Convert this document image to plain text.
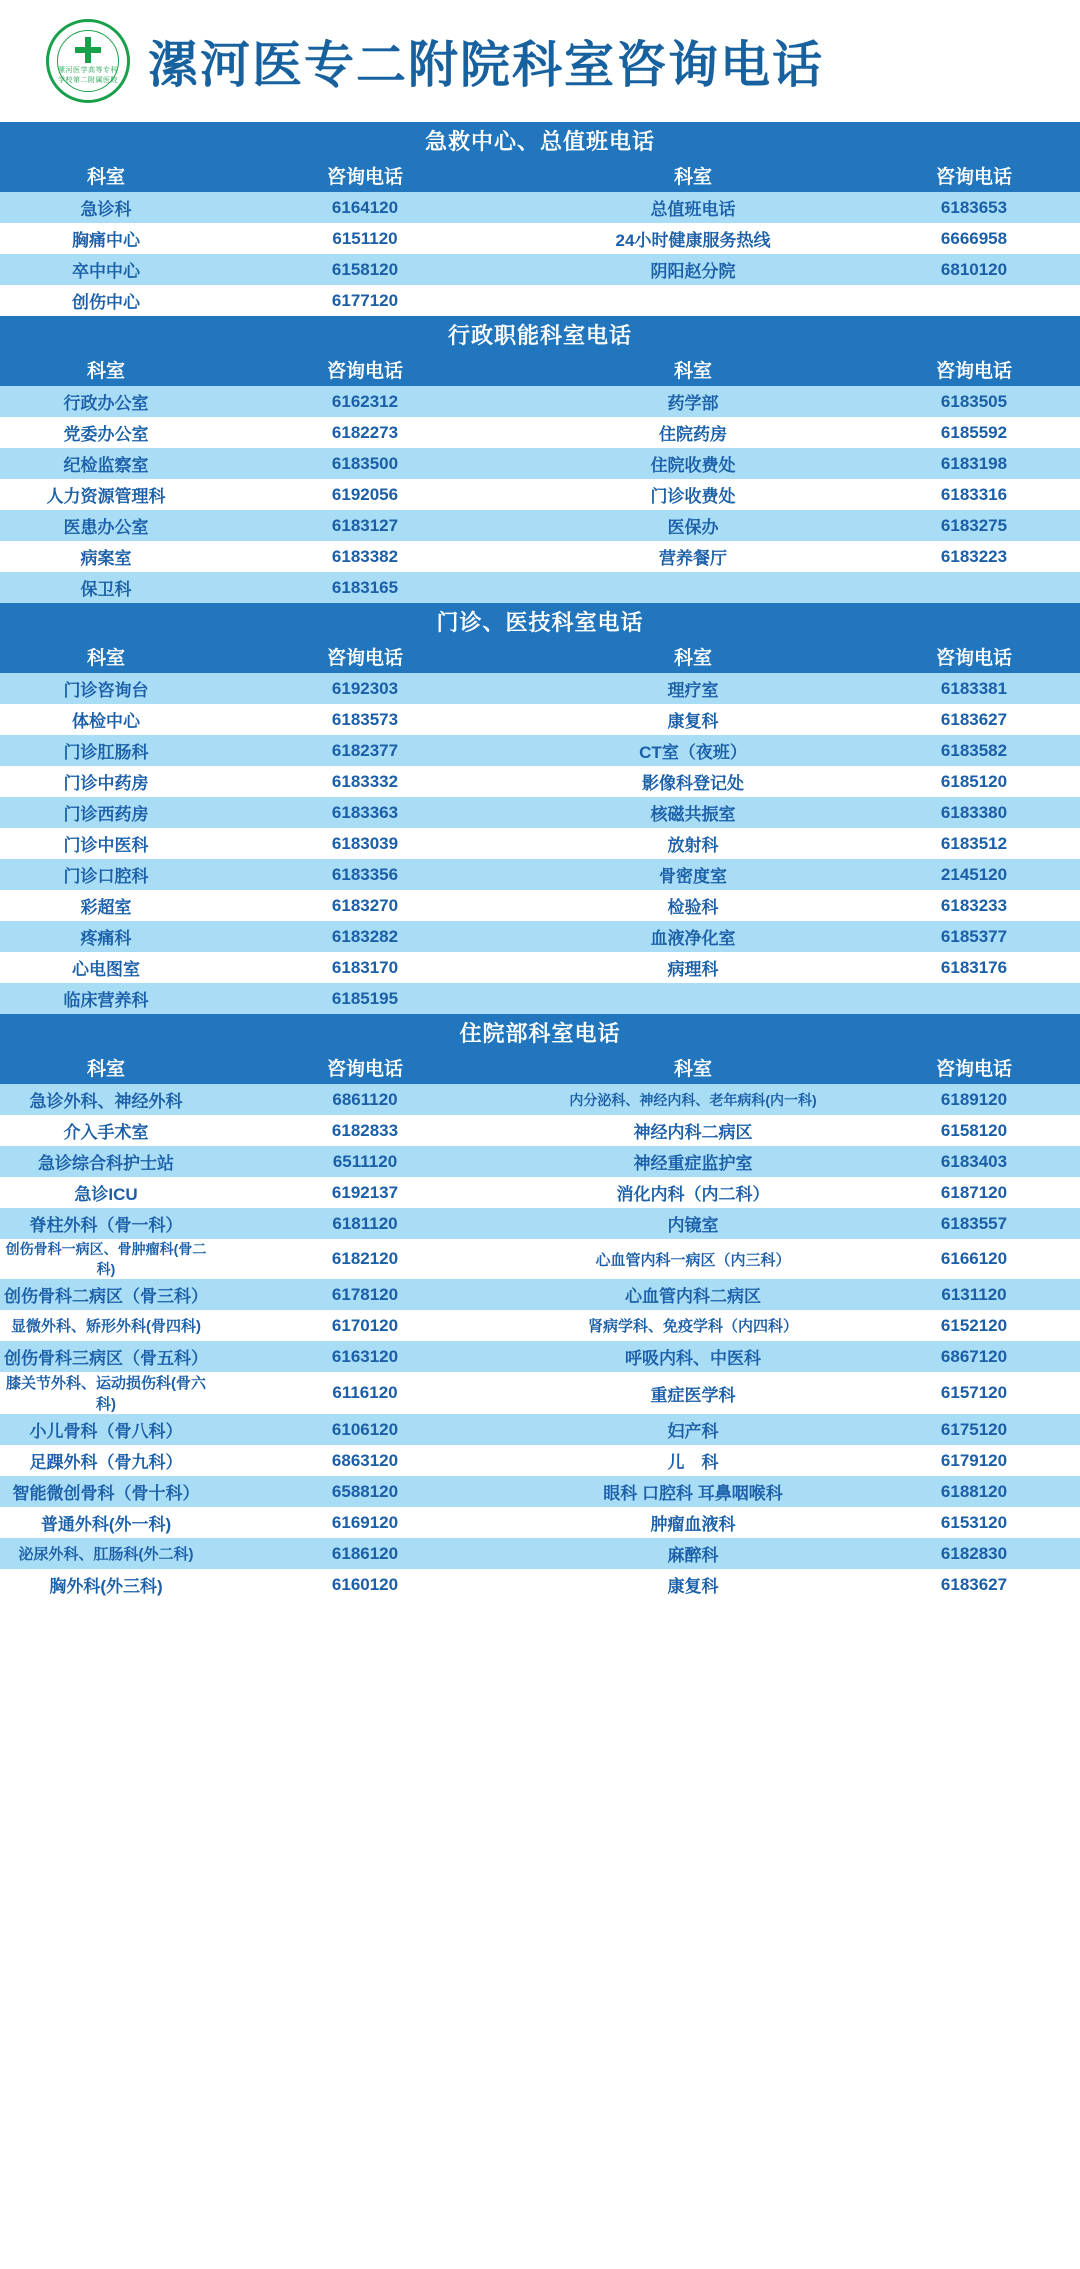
漯河医学高等专科学校第二附属医院 漯河医专二附院科室咨询电话
急救中心、总值班电话			
科室	咨询电话	科室	咨询电话
急诊科	6164120	总值班电话	6183653
胸痛中心	6151120	24小时健康服务热线	6666958
卒中中心	6158120	阴阳赵分院	6810120
创伤中心	6177120		
行政职能科室电话			
科室	咨询电话	科室	咨询电话
行政办公室	6162312	药学部	6183505
党委办公室	6182273	住院药房	6185592
纪检监察室	6183500	住院收费处	6183198
人力资源管理科	6192056	门诊收费处	6183316
医患办公室	6183127	医保办	6183275
病案室	6183382	营养餐厅	6183223
保卫科	6183165		
门诊、医技科室电话			
科室	咨询电话	科室	咨询电话
门诊咨询台	6192303	理疗室	6183381
体检中心	6183573	康复科	6183627
门诊肛肠科	6182377	CT室（夜班）	6183582
门诊中药房	6183332	影像科登记处	6185120
门诊西药房	6183363	核磁共振室	6183380
门诊中医科	6183039	放射科	6183512
门诊口腔科	6183356	骨密度室	2145120
彩超室	6183270	检验科	6183233
疼痛科	6183282	血液净化室	6185377
心电图室	6183170	病理科	6183176
临床营养科	6185195		
住院部科室电话			
科室	咨询电话	科室	咨询电话
急诊外科、神经外科	6861120	内分泌科、神经内科、老年病科(内一科)	6189120
介入手术室	6182833	神经内科二病区	6158120
急诊综合科护士站	6511120	神经重症监护室	6183403
急诊ICU	6192137	消化内科（内二科）	6187120
脊柱外科（骨一科）	6181120	内镜室	6183557
创伤骨科一病区、骨肿瘤科(骨二科)	6182120	心血管内科一病区（内三科）	6166120
创伤骨科二病区（骨三科）	6178120	心血管内科二病区	6131120
显微外科、矫形外科(骨四科)	6170120	肾病学科、免疫学科（内四科）	6152120
创伤骨科三病区（骨五科）	6163120	呼吸内科、中医科	6867120
膝关节外科、运动损伤科(骨六科)	6116120	重症医学科	6157120
小儿骨科（骨八科）	6106120	妇产科	6175120
足踝外科（骨九科）	6863120	儿　科	6179120
智能微创骨科（骨十科）	6588120	眼科 口腔科 耳鼻咽喉科	6188120
普通外科(外一科)	6169120	肿瘤血液科	6153120
泌尿外科、肛肠科(外二科)	6186120	麻醉科	6182830
胸外科(外三科)	6160120	康复科	6183627
